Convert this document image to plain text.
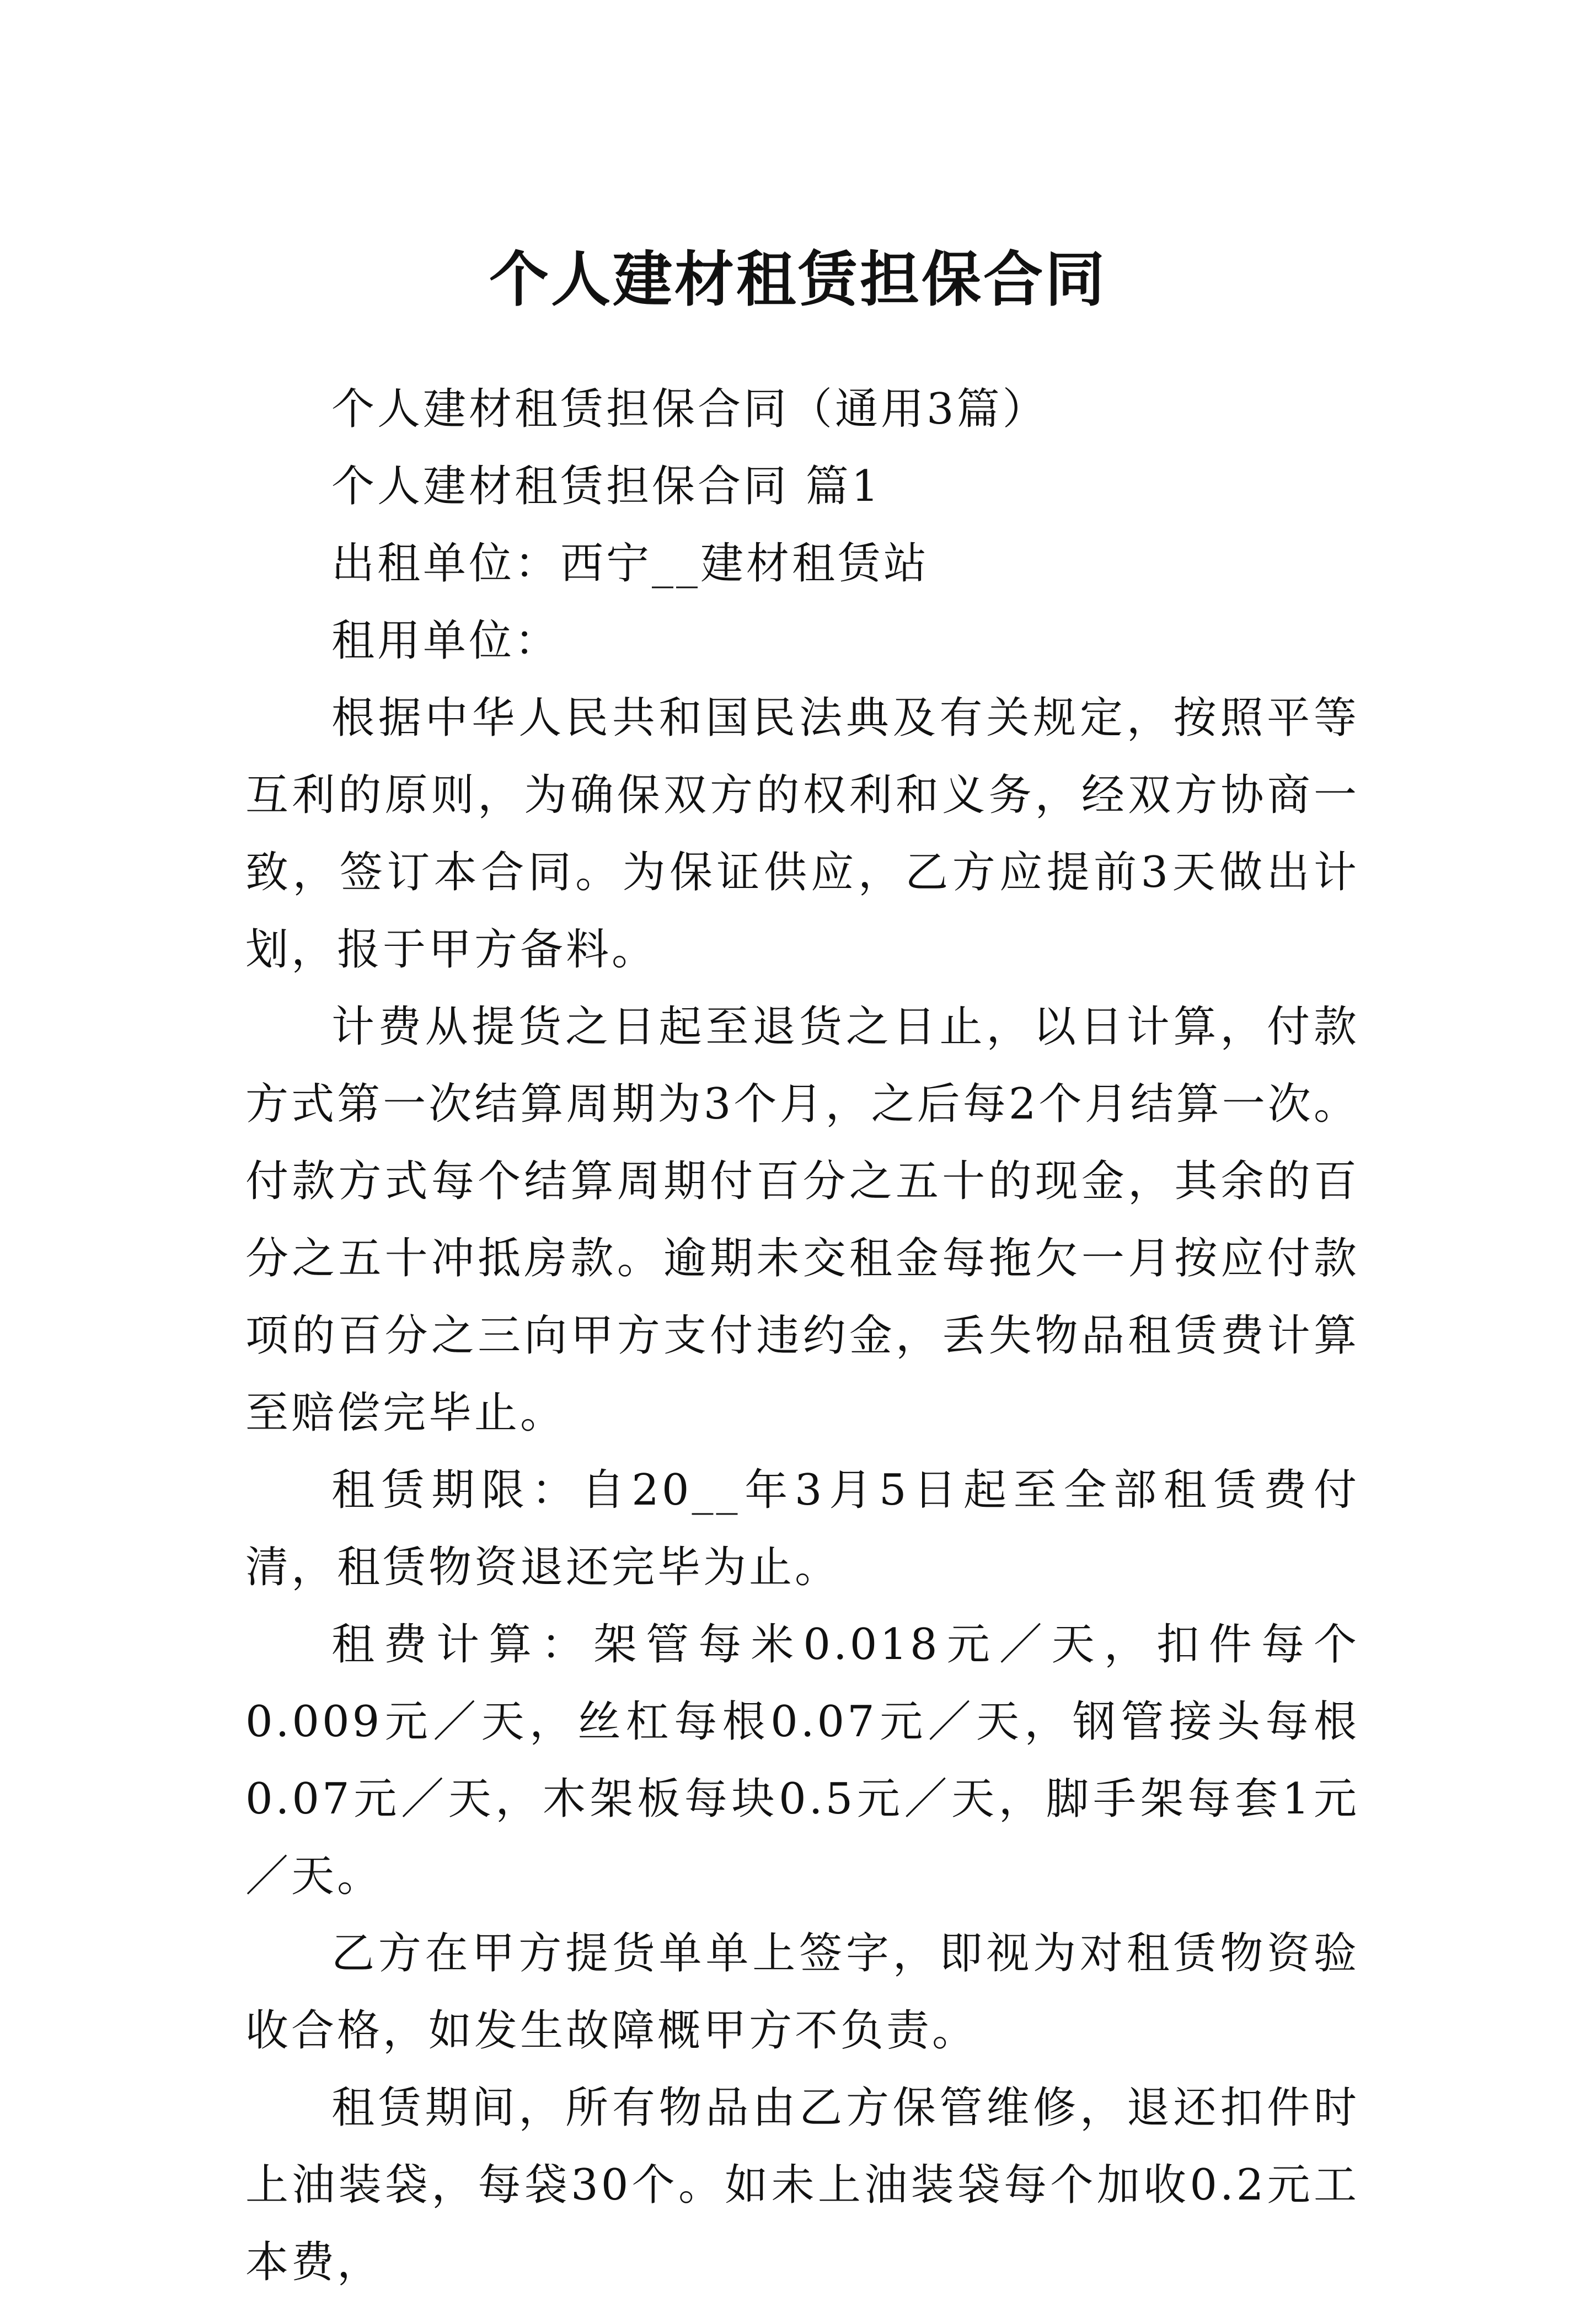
个人建材租赁担保合同

个人建材租赁担保合同（通用3篇）

个人建材租赁担保合同 篇1

出租单位：西宁__建材租赁站

租用单位：

根据中华人民共和国民法典及有关规定，按照平等互利的原则，为确保双方的权利和义务，经双方协商一致，签订本合同。为保证供应，乙方应提前3天做出计划，报于甲方备料。

计费从提货之日起至退货之日止，以日计算，付款方式第一次结算周期为3个月，之后每2个月结算一次。付款方式每个结算周期付百分之五十的现金，其余的百分之五十冲抵房款。逾期未交租金每拖欠一月按应付款项的百分之三向甲方支付违约金，丢失物品租赁费计算至赔偿完毕止。

租赁期限：自20__年3月5日起至全部租赁费付清，租赁物资退还完毕为止。

租费计算：架管每米0.018元／天，扣件每个0.009元／天，丝杠每根0.07元／天，钢管接头每根0.07元／天，木架板每块0.5元／天，脚手架每套1元／天。

乙方在甲方提货单单上签字，即视为对租赁物资验收合格，如发生故障概甲方不负责。

租赁期间，所有物品由乙方保管维修，退还扣件时上油装袋，每袋30个。如未上油装袋每个加收0.2元工本费，
